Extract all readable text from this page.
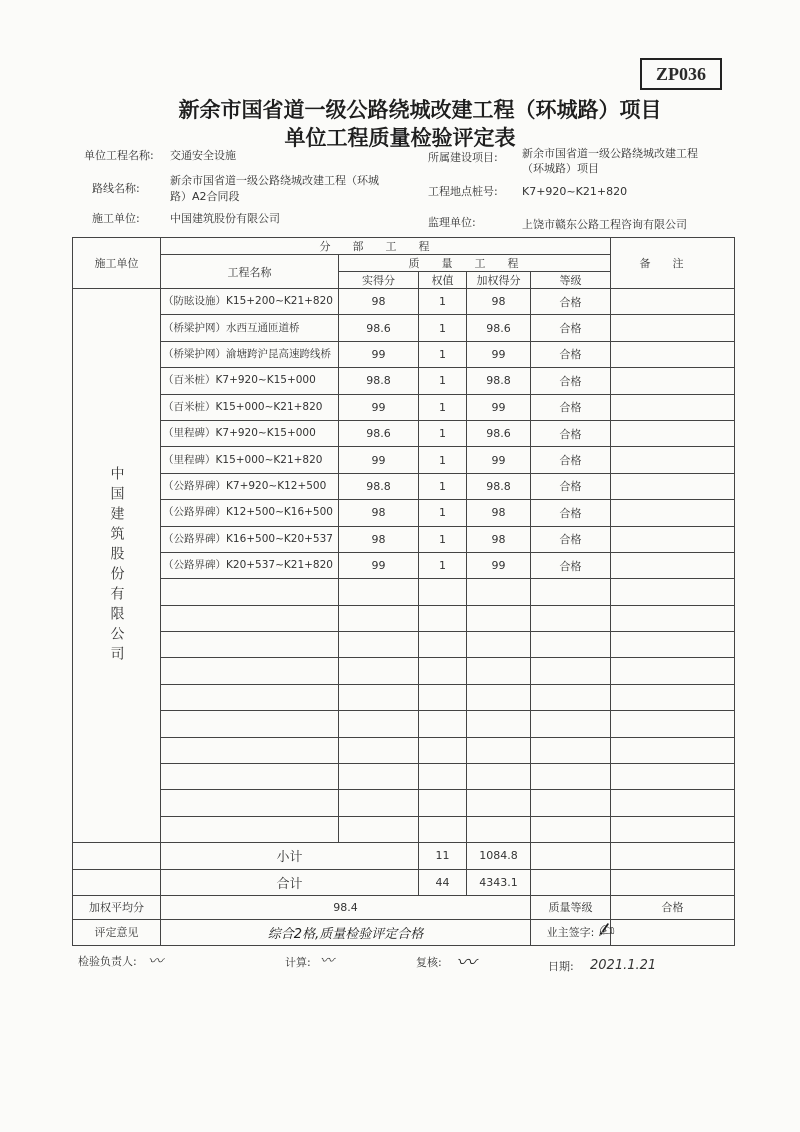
ZP036
新余市国省道一级公路绕城改建工程（环城路）项目
单位工程质量检验评定表
单位工程名称: 交通安全设施	所属建设项目: 新余市国省道一级公路绕城改建工程
（环城路）项目
路线名称:
新余市国省道一级公路绕城改建工程（环城
路）A2合同段	工程地点桩号: K7+920~K21+820
施工单位:	中国建筑股份有限公司	监理单位:	上饶市赣东公路工程咨询有限公司
施工单位	分部工程					备注
	工程名称	质量工程				
		实得分	权值	加权得分	等级	

中国建筑股份有限公司	（防眩设施）K15+200~K21+820	98	1	98	合格	
	（桥梁护网）水西互通匝道桥	98.6	1	98.6	合格	
	（桥梁护网）渝塘跨沪昆高速跨线桥	99	1	99	合格	
	（百米桩）K7+920~K15+000	98.8	1	98.8	合格	
	（百米桩）K15+000~K21+820	99	1	99	合格	
	（里程碑）K7+920~K15+000	98.6	1	98.6	合格	
	（里程碑）K15+000~K21+820	99	1	99	合格	
	（公路界碑）K7+920~K12+500	98.8	1	98.8	合格	
	（公路界碑）K12+500~K16+500	98	1	98	合格	
	（公路界碑）K16+500~K20+537	98	1	98	合格	
	（公路界碑）K20+537~K21+820	99	1	99	合格	

	小计		11	1084.8		
	合计		44	4343.1		
加权平均分	98.4				质量等级	合格
评定意见	综合2格,质量检验评定合格				业主签字:	✍
〰	〰	〰
检验负责人:	计算:	复核:	日期: 2021.1.21
